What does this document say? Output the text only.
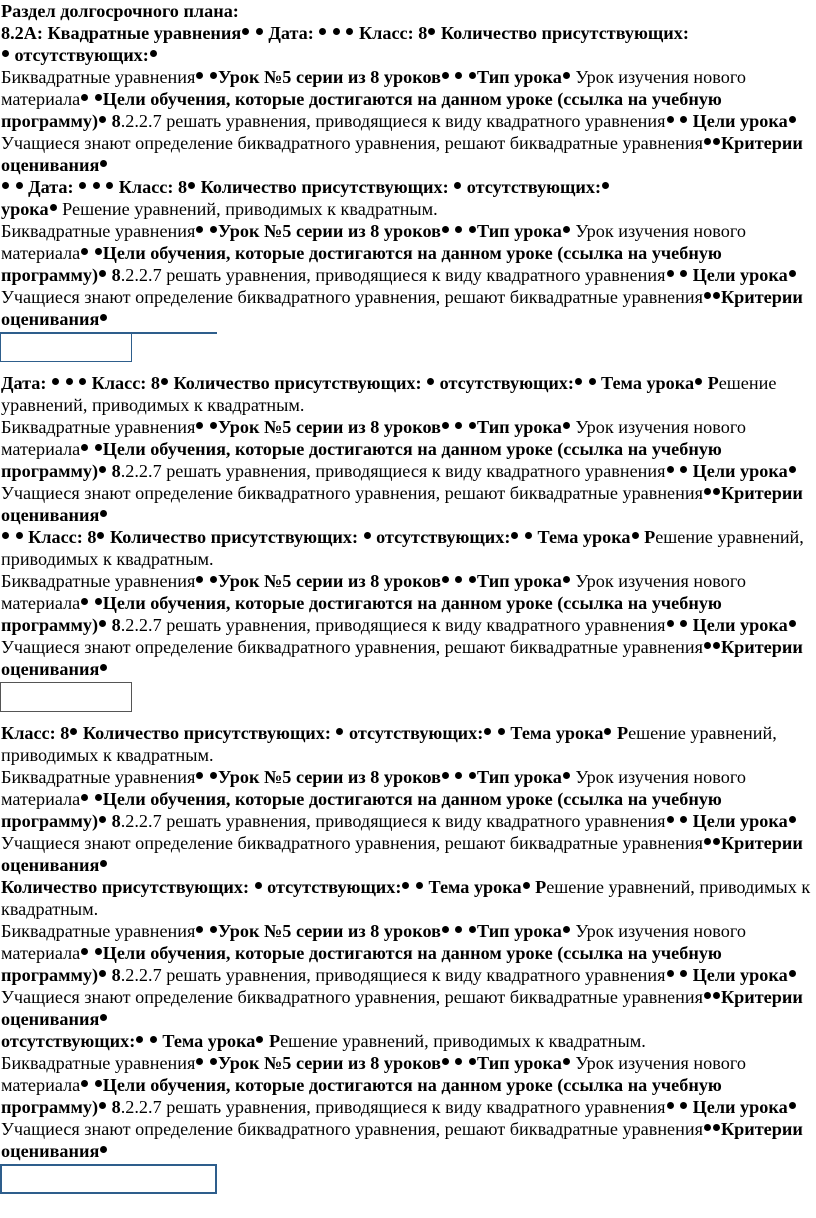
Раздел долгосрочного плана:

8.2А: Квадратные уравнения Дата: Класс: 8 Количество присутствующих:

отсутствующих:

Биквадратные уравнения Урок №5 серии из 8 уроков Тип урока Урок изучения нового материала Цели обучения, которые достигаются на данном уроке (ссылка на учебную программу) 8.2.2.7 решать уравнения, приводящиеся к виду квадратного уравнения Цели урока Учащиеся знают определение биквадратного уравнения, решают биквадратные уравнения Критерии оценивания

Дата: Класс: 8 Количество присутствующих: отсутствующих:

урока Решение уравнений, приводимых к квадратным.

Биквадратные уравнения Урок №5 серии из 8 уроков Тип урока Урок изучения нового материала Цели обучения, которые достигаются на данном уроке (ссылка на учебную программу) 8.2.2.7 решать уравнения, приводящиеся к виду квадратного уравнения Цели урока Учащиеся знают определение биквадратного уравнения, решают биквадратные уравнения Критерии оценивания

Дата: Класс: 8 Количество присутствующих: отсутствующих: Тема урока Решение уравнений, приводимых к квадратным.

Биквадратные уравнения Урок №5 серии из 8 уроков Тип урока Урок изучения нового материала Цели обучения, которые достигаются на данном уроке (ссылка на учебную программу) 8.2.2.7 решать уравнения, приводящиеся к виду квадратного уравнения Цели урока Учащиеся знают определение биквадратного уравнения, решают биквадратные уравнения Критерии оценивания

Класс: 8 Количество присутствующих: отсутствующих: Тема урока Решение уравнений, приводимых к квадратным.

Биквадратные уравнения Урок №5 серии из 8 уроков Тип урока Урок изучения нового материала Цели обучения, которые достигаются на данном уроке (ссылка на учебную программу) 8.2.2.7 решать уравнения, приводящиеся к виду квадратного уравнения Цели урока Учащиеся знают определение биквадратного уравнения, решают биквадратные уравнения Критерии оценивания

Класс: 8 Количество присутствующих: отсутствующих: Тема урока Решение уравнений, приводимых к квадратным.

Биквадратные уравнения Урок №5 серии из 8 уроков Тип урока Урок изучения нового материала Цели обучения, которые достигаются на данном уроке (ссылка на учебную программу) 8.2.2.7 решать уравнения, приводящиеся к виду квадратного уравнения Цели урока Учащиеся знают определение биквадратного уравнения, решают биквадратные уравнения Критерии оценивания

Количество присутствующих: отсутствующих: Тема урока Решение уравнений, приводимых к квадратным.

Биквадратные уравнения Урок №5 серии из 8 уроков Тип урока Урок изучения нового материала Цели обучения, которые достигаются на данном уроке (ссылка на учебную программу) 8.2.2.7 решать уравнения, приводящиеся к виду квадратного уравнения Цели урока Учащиеся знают определение биквадратного уравнения, решают биквадратные уравнения Критерии оценивания

отсутствующих: Тема урока Решение уравнений, приводимых к квадратным.

Биквадратные уравнения Урок №5 серии из 8 уроков Тип урока Урок изучения нового материала Цели обучения, которые достигаются на данном уроке (ссылка на учебную программу) 8.2.2.7 решать уравнения, приводящиеся к виду квадратного уравнения Цели урока Учащиеся знают определение биквадратного уравнения, решают биквадратные уравнения Критерии оценивания
